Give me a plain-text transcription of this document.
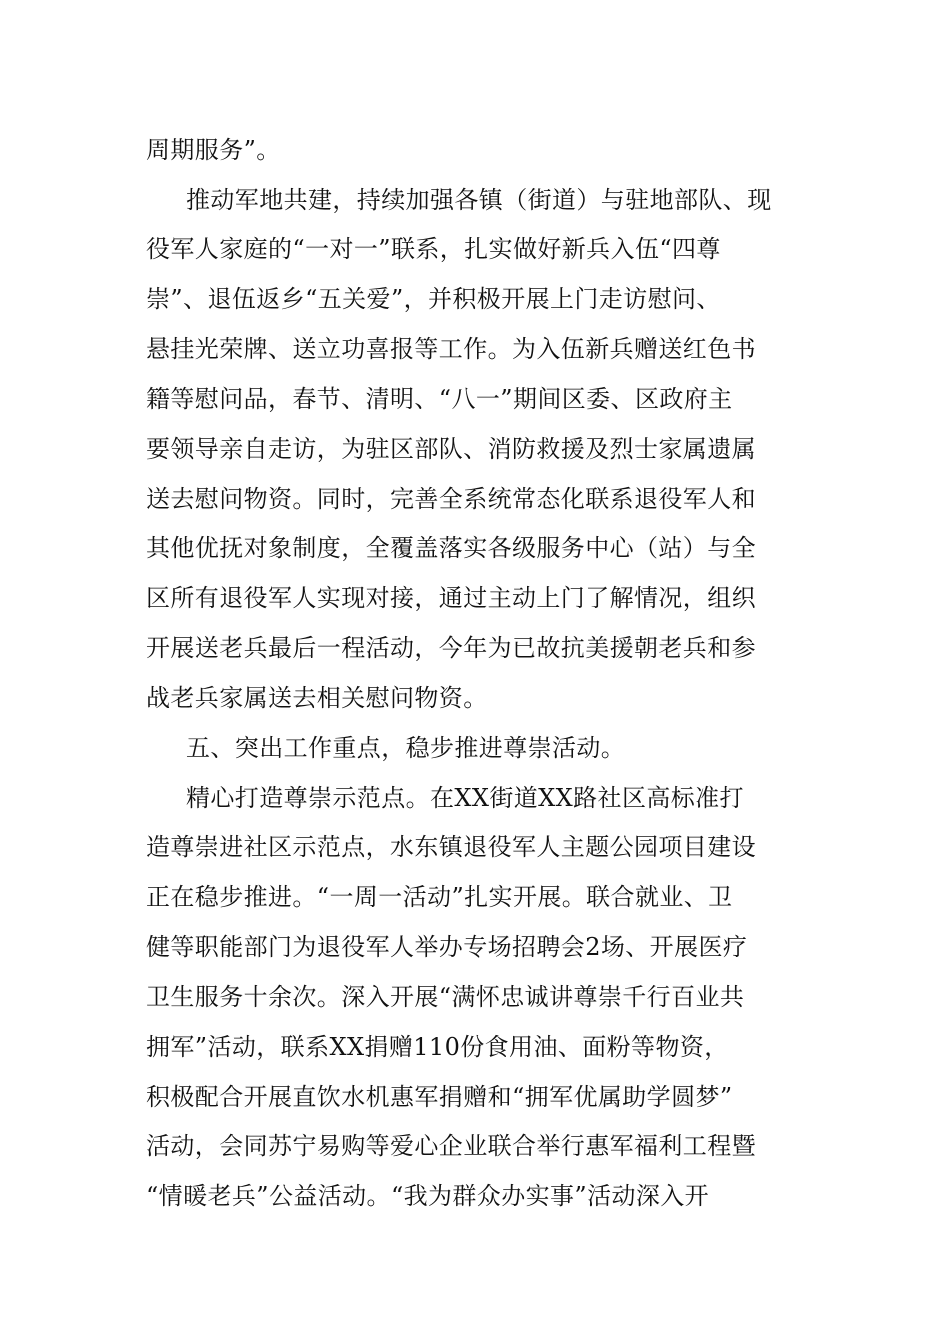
周期服务”。

推动军地共建，持续加强各镇（街道）与驻地部队、现

役军人家庭的“一对一”联系，扎实做好新兵入伍“四尊

崇”、退伍返乡“五关爱”，并积极开展上门走访慰问、

悬挂光荣牌、送立功喜报等工作。为入伍新兵赠送红色书

籍等慰问品，春节、清明、“八一”期间区委、区政府主

要领导亲自走访，为驻区部队、消防救援及烈士家属遗属

送去慰问物资。同时，完善全系统常态化联系退役军人和

其他优抚对象制度，全覆盖落实各级服务中心（站）与全

区所有退役军人实现对接，通过主动上门了解情况，组织

开展送老兵最后一程活动，今年为已故抗美援朝老兵和参

战老兵家属送去相关慰问物资。

五、突出工作重点，稳步推进尊崇活动。

精心打造尊崇示范点。在XX街道XX路社区高标准打

造尊崇进社区示范点，水东镇退役军人主题公园项目建设

正在稳步推进。“一周一活动”扎实开展。联合就业、卫

健等职能部门为退役军人举办专场招聘会2场、开展医疗

卫生服务十余次。深入开展“满怀忠诚讲尊崇千行百业共

拥军”活动，联系XX捐赠110份食用油、面粉等物资，

积极配合开展直饮水机惠军捐赠和“拥军优属助学圆梦”

活动，会同苏宁易购等爱心企业联合举行惠军福利工程暨

“情暖老兵”公益活动。“我为群众办实事”活动深入开
